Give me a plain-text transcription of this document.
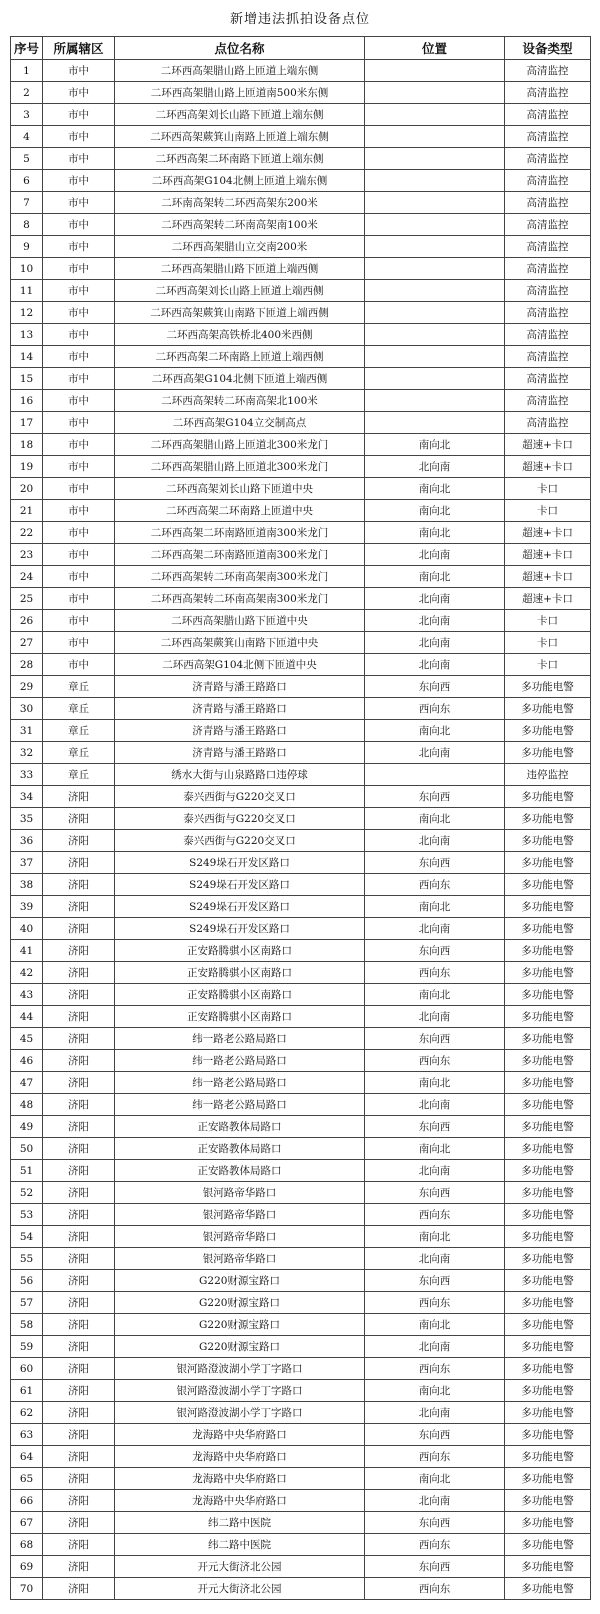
新增违法抓拍设备点位
序号	所属辖区	点位名称	位置	设备类型
1	市中	二环西高架腊山路上匝道上端东侧		高清监控
2	市中	二环西高架腊山路上匝道南500米东侧		高清监控
3	市中	二环西高架刘长山路下匝道上端东侧		高清监控
4	市中	二环西高架蕨箕山南路上匝道上端东侧		高清监控
5	市中	二环西高架二环南路下匝道上端东侧		高清监控
6	市中	二环西高架G104北侧上匝道上端东侧		高清监控
7	市中	二环南高架转二环西高架东200米		高清监控
8	市中	二环西高架转二环南高架南100米		高清监控
9	市中	二环西高架腊山立交南200米		高清监控
10	市中	二环西高架腊山路下匝道上端西侧		高清监控
11	市中	二环西高架刘长山路上匝道上端西侧		高清监控
12	市中	二环西高架蕨箕山南路下匝道上端西侧		高清监控
13	市中	二环西高架高铁桥北400米西侧		高清监控
14	市中	二环西高架二环南路上匝道上端西侧		高清监控
15	市中	二环西高架G104北侧下匝道上端西侧		高清监控
16	市中	二环西高架转二环南高架北100米		高清监控
17	市中	二环西高架G104立交制高点		高清监控
18	市中	二环西高架腊山路上匝道北300米龙门	南向北	超速+卡口
19	市中	二环西高架腊山路上匝道北300米龙门	北向南	超速+卡口
20	市中	二环西高架刘长山路下匝道中央	南向北	卡口
21	市中	二环西高架二环南路上匝道中央	南向北	卡口
22	市中	二环西高架二环南路匝道南300米龙门	南向北	超速+卡口
23	市中	二环西高架二环南路匝道南300米龙门	北向南	超速+卡口
24	市中	二环西高架转二环南高架南300米龙门	南向北	超速+卡口
25	市中	二环西高架转二环南高架南300米龙门	北向南	超速+卡口
26	市中	二环西高架腊山路下匝道中央	北向南	卡口
27	市中	二环西高架蕨箕山南路下匝道中央	北向南	卡口
28	市中	二环西高架G104北侧下匝道中央	北向南	卡口
29	章丘	济青路与潘王路路口	东向西	多功能电警
30	章丘	济青路与潘王路路口	西向东	多功能电警
31	章丘	济青路与潘王路路口	南向北	多功能电警
32	章丘	济青路与潘王路路口	北向南	多功能电警
33	章丘	绣水大街与山泉路路口违停球		违停监控
34	济阳	泰兴西街与G220交叉口	东向西	多功能电警
35	济阳	泰兴西街与G220交叉口	南向北	多功能电警
36	济阳	泰兴西街与G220交叉口	北向南	多功能电警
37	济阳	S249垛石开发区路口	东向西	多功能电警
38	济阳	S249垛石开发区路口	西向东	多功能电警
39	济阳	S249垛石开发区路口	南向北	多功能电警
40	济阳	S249垛石开发区路口	北向南	多功能电警
41	济阳	正安路腾骐小区南路口	东向西	多功能电警
42	济阳	正安路腾骐小区南路口	西向东	多功能电警
43	济阳	正安路腾骐小区南路口	南向北	多功能电警
44	济阳	正安路腾骐小区南路口	北向南	多功能电警
45	济阳	纬一路老公路局路口	东向西	多功能电警
46	济阳	纬一路老公路局路口	西向东	多功能电警
47	济阳	纬一路老公路局路口	南向北	多功能电警
48	济阳	纬一路老公路局路口	北向南	多功能电警
49	济阳	正安路教体局路口	东向西	多功能电警
50	济阳	正安路教体局路口	南向北	多功能电警
51	济阳	正安路教体局路口	北向南	多功能电警
52	济阳	银河路帝华路口	东向西	多功能电警
53	济阳	银河路帝华路口	西向东	多功能电警
54	济阳	银河路帝华路口	南向北	多功能电警
55	济阳	银河路帝华路口	北向南	多功能电警
56	济阳	G220财源宝路口	东向西	多功能电警
57	济阳	G220财源宝路口	西向东	多功能电警
58	济阳	G220财源宝路口	南向北	多功能电警
59	济阳	G220财源宝路口	北向南	多功能电警
60	济阳	银河路澄波湖小学丁字路口	西向东	多功能电警
61	济阳	银河路澄波湖小学丁字路口	南向北	多功能电警
62	济阳	银河路澄波湖小学丁字路口	北向南	多功能电警
63	济阳	龙海路中央华府路口	东向西	多功能电警
64	济阳	龙海路中央华府路口	西向东	多功能电警
65	济阳	龙海路中央华府路口	南向北	多功能电警
66	济阳	龙海路中央华府路口	北向南	多功能电警
67	济阳	纬二路中医院	东向西	多功能电警
68	济阳	纬二路中医院	西向东	多功能电警
69	济阳	开元大街济北公园	东向西	多功能电警
70	济阳	开元大街济北公园	西向东	多功能电警
